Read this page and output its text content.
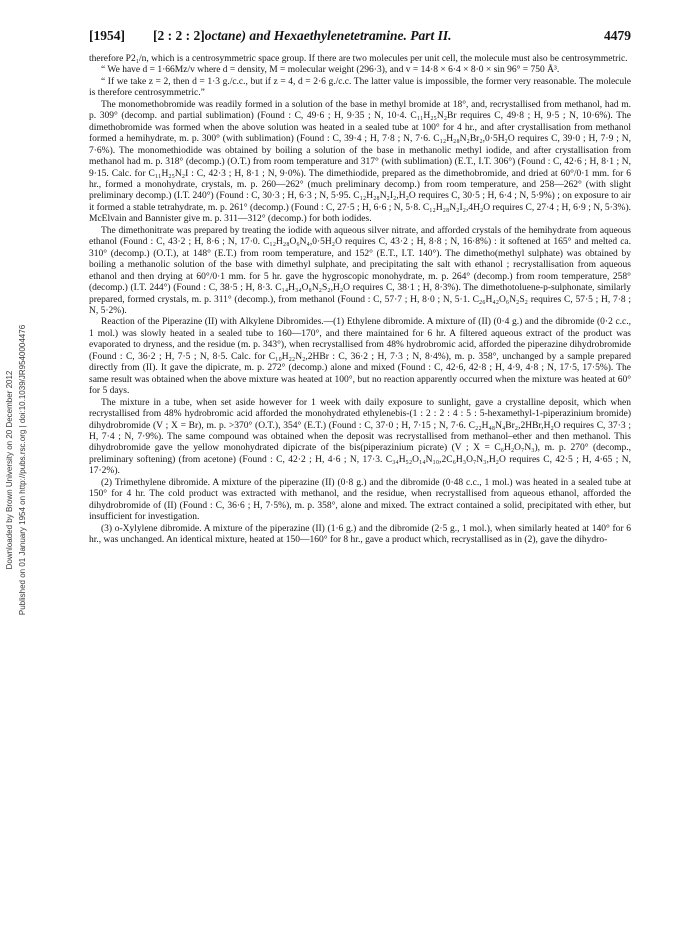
[1954] [2 : 2 : 2]octane) and Hexaethylenetetramine. Part II.	4479
Downloaded by Brown University on 20 December 2012 Published on 01 January 1954 on http://pubs.rsc.org | doi:10.1039/JR9540004476

therefore P2₁/n, which is a centrosymmetric space group. If there are two molecules per unit cell, the molecule must also be centrosymmetric.

“ We have d = 1·66Mz/v where d = density, M = molecular weight (296·3), and v = 14·8 × 6·4 × 8·0 × sin 96° = 750 Å³.

“ If we take z = 2, then d = 1·3 g./c.c., but if z = 4, d = 2·6 g./c.c. The latter value is impossible, the former very reasonable. The molecule is therefore centrosymmetric.”

The monomethobromide was readily formed in a solution of the base in methyl bromide at 18°, and, recrystallised from methanol, had m. p. 309° (decomp. and partial sublimation) (Found : C, 49·6 ; H, 9·35 ; N, 10·4. C₁₁H₂₅N₂Br requires C, 49·8 ; H, 9·5 ; N, 10·6%). The dimethobromide was formed when the above solution was heated in a sealed tube at 100° for 4 hr., and after crystallisation from methanol formed a hemihydrate, m. p. 300° (with sublimation) (Found : C, 39·4 ; H, 7·8 ; N, 7·6. C₁₂H₂₈N₂Br₂,0·5H₂O requires C, 39·0 ; H, 7·9 ; N, 7·6%). The monomethiodide was obtained by boiling a solution of the base in methanolic methyl iodide, and after crystallisation from methanol had m. p. 318° (decomp.) (O.T.) from room temperature and 317° (with sublimation) (E.T., I.T. 306°) (Found : C, 42·6 ; H, 8·1 ; N, 9·15. Calc. for C₁₁H₂₅N₂I : C, 42·3 ; H, 8·1 ; N, 9·0%). The dimethiodide, prepared as the dimethobromide, and dried at 60°/0·1 mm. for 6 hr., formed a monohydrate, crystals, m. p. 260—262° (much preliminary decomp.) from room temperature, and 258—262° (with slight preliminary decomp.) (I.T. 240°) (Found : C, 30·3 ; H, 6·3 ; N, 5·95. C₁₂H₂₈N₂I₂,H₂O requires C, 30·5 ; H, 6·4 ; N, 5·9%) ; on exposure to air it formed a stable tetrahydrate, m. p. 261° (decomp.) (Found : C, 27·5 ; H, 6·6 ; N, 5·8. C₁₂H₂₈N₂I₂,4H₂O requires C, 27·4 ; H, 6·9 ; N, 5·3%). McElvain and Bannister give m. p. 311—312° (decomp.) for both iodides.

The dimethonitrate was prepared by treating the iodide with aqueous silver nitrate, and afforded crystals of the hemihydrate from aqueous ethanol (Found : C, 43·2 ; H, 8·6 ; N, 17·0. C₁₂H₂₈O₆N₄,0·5H₂O requires C, 43·2 ; H, 8·8 ; N, 16·8%) : it softened at 165° and melted ca. 310° (decomp.) (O.T.), at 148° (E.T.) from room temperature, and 152° (E.T., I.T. 140°). The dimetho(methyl sulphate) was obtained by boiling a methanolic solution of the base with dimethyl sulphate, and precipitating the salt with ethanol ; recrystallisation from aqueous ethanol and then drying at 60°/0·1 mm. for 5 hr. gave the hygroscopic monohydrate, m. p. 264° (decomp.) from room temperature, 258° (decomp.) (I.T. 244°) (Found : C, 38·5 ; H, 8·3. C₁₄H₃₄O₈N₂S₂,H₂O requires C, 38·1 ; H, 8·3%). The dimethotoluene-p-sulphonate, similarly prepared, formed crystals, m. p. 311° (decomp.), from methanol (Found : C, 57·7 ; H, 8·0 ; N, 5·1. C₂₆H₄₂O₆N₂S₂ requires C, 57·5 ; H, 7·8 ; N, 5·2%).

Reaction of the Piperazine (II) with Alkylene Dibromides.—(1) Ethylene dibromide. A mixture of (II) (0·4 g.) and the dibromide (0·2 c.c., 1 mol.) was slowly heated in a sealed tube to 160—170°, and there maintained for 6 hr. A filtered aqueous extract of the product was evaporated to dryness, and the residue (m. p. 343°), when recrystallised from 48% hydrobromic acid, afforded the piperazine dihydrobromide (Found : C, 36·2 ; H, 7·5 ; N, 8·5. Calc. for C₁₀H₂₂N₂,2HBr : C, 36·2 ; H, 7·3 ; N, 8·4%), m. p. 358°, unchanged by a sample prepared directly from (II). It gave the dipicrate, m. p. 272° (decomp.) alone and mixed (Found : C, 42·6, 42·8 ; H, 4·9, 4·8 ; N, 17·5, 17·5%). The same result was obtained when the above mixture was heated at 100°, but no reaction apparently occurred when the mixture was heated at 60° for 5 days.

The mixture in a tube, when set aside however for 1 week with daily exposure to sunlight, gave a crystalline deposit, which when recrystallised from 48% hydrobromic acid afforded the monohydrated ethylenebis-(1 : 2 : 2 : 4 : 5 : 5-hexamethyl-1-piperazinium bromide) dihydrobromide (V ; X = Br), m. p. >370° (O.T.), 354° (E.T.) (Found : C, 37·0 ; H, 7·15 ; N, 7·6. C₂₂H₄₈N₄Br₂,2HBr,H₂O requires C, 37·3 ; H, 7·4 ; N, 7·9%). The same compound was obtained when the deposit was recrystallised from methanol–ether and then methanol. This dihydrobromide gave the yellow monohydrated dipicrate of the bis(piperazinium picrate) (V ; X = C₆H₂O₇N₃), m. p. 270° (decomp., preliminary softening) (from acetone) (Found : C, 42·2 ; H, 4·6 ; N, 17·3. C₃₄H₅₂O₁₄N₁₀,2C₆H₃O₇N₃,H₂O requires C, 42·5 ; H, 4·65 ; N, 17·2%).

(2) Trimethylene dibromide. A mixture of the piperazine (II) (0·8 g.) and the dibromide (0·48 c.c., 1 mol.) was heated in a sealed tube at 150° for 4 hr. The cold product was extracted with methanol, and the residue, when recrystallised from aqueous ethanol, afforded the dihydrobromide of (II) (Found : C, 36·6 ; H, 7·5%), m. p. 358°, alone and mixed. The extract contained a solid, precipitated with ether, but insufficient for investigation.

(3) o-Xylylene dibromide. A mixture of the piperazine (II) (1·6 g.) and the dibromide (2·5 g., 1 mol.), when similarly heated at 140° for 6 hr., was unchanged. An identical mixture, heated at 150—160° for 8 hr., gave a product which, recrystallised as in (2), gave the dihydro-
